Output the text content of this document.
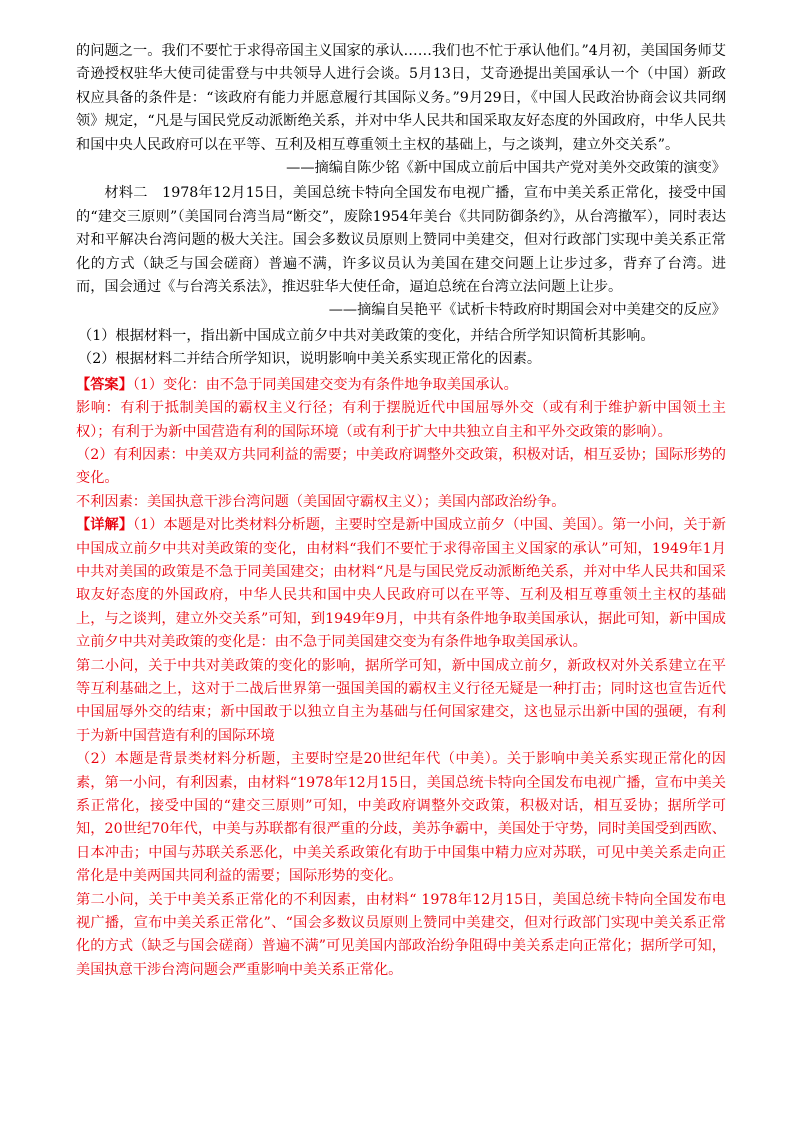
的问题之一。我们不要忙于求得帝国主义国家的承认……我们也不忙于承认他们。”4月初，美国国务师艾奇逊授权驻华大使司徒雷登与中共领导人进行会谈。5月13日，艾奇逊提出美国承认一个（中国）新政权应具备的条件是：“该政府有能力并愿意履行其国际义务。”9月29日，《中国人民政治协商会议共同纲领》规定，“凡是与国民党反动派断绝关系，并对中华人民共和国采取友好态度的外国政府，中华人民共和国中央人民政府可以在平等、互利及相互尊重领土主权的基础上，与之谈判，建立外交关系”。

——摘编自陈少铭《新中国成立前后中国共产党对美外交政策的演变》

材料二　1978年12月15日，美国总统卡特向全国发布电视广播，宣布中美关系正常化，接受中国的“建交三原则”（美国同台湾当局“断交”，废除1954年美台《共同防御条约》，从台湾撤军），同时表达对和平解决台湾问题的极大关注。国会多数议员原则上赞同中美建交，但对行政部门实现中美关系正常化的方式（缺乏与国会磋商）普遍不满，许多议员认为美国在建交问题上让步过多，背弃了台湾。进而，国会通过《与台湾关系法》，推迟驻华大使任命，逼迫总统在台湾立法问题上让步。

——摘编自吴艳平《试析卡特政府时期国会对中美建交的反应》

（1）根据材料一，指出新中国成立前夕中共对美政策的变化，并结合所学知识简析其影响。

（2）根据材料二并结合所学知识，说明影响中美关系实现正常化的因素。

【答案】（1）变化：由不急于同美国建交变为有条件地争取美国承认。

影响：有利于抵制美国的霸权主义行径；有利于摆脱近代中国屈辱外交（或有利于维护新中国领土主权）；有利于为新中国营造有利的国际环境（或有利于扩大中共独立自主和平外交政策的影响）。

（2）有利因素：中美双方共同利益的需要；中美政府调整外交政策，积极对话，相互妥协；国际形势的变化。

不利因素：美国执意干涉台湾问题（美国固守霸权主义）；美国内部政治纷争。

【详解】（1）本题是对比类材料分析题，主要时空是新中国成立前夕（中国、美国）。第一小问，关于新中国成立前夕中共对美政策的变化，由材料“我们不要忙于求得帝国主义国家的承认”可知，1949年1月中共对美国的政策是不急于同美国建交；由材料“凡是与国民党反动派断绝关系，并对中华人民共和国采取友好态度的外国政府，中华人民共和国中央人民政府可以在平等、互利及相互尊重领土主权的基础上，与之谈判，建立外交关系”可知，到1949年9月，中共有条件地争取美国承认，据此可知，新中国成立前夕中共对美政策的变化是：由不急于同美国建交变为有条件地争取美国承认。

第二小问，关于中共对美政策的变化的影响，据所学可知，新中国成立前夕，新政权对外关系建立在平等互利基础之上，这对于二战后世界第一强国美国的霸权主义行径无疑是一种打击；同时这也宣告近代中国屈辱外交的结束；新中国敢于以独立自主为基础与任何国家建交，这也显示出新中国的强硬，有利于为新中国营造有利的国际环境

（2）本题是背景类材料分析题，主要时空是20世纪年代（中美）。关于影响中美关系实现正常化的因素，第一小问，有利因素，由材料“1978年12月15日，美国总统卡特向全国发布电视广播，宣布中美关系正常化，接受中国的“建交三原则”可知，中美政府调整外交政策，积极对话，相互妥协；据所学可知，20世纪70年代，中美与苏联都有很严重的分歧，美苏争霸中，美国处于守势，同时美国受到西欧、日本冲击；中国与苏联关系恶化，中美关系政策化有助于中国集中精力应对苏联，可见中美关系走向正常化是中美两国共同利益的需要；国际形势的变化。

第二小问，关于中美关系正常化的不利因素，由材料“ 1978年12月15日，美国总统卡特向全国发布电视广播，宣布中美关系正常化”、“国会多数议员原则上赞同中美建交，但对行政部门实现中美关系正常化的方式（缺乏与国会磋商）普遍不满”可见美国内部政治纷争阻碍中美关系走向正常化；据所学可知，美国执意干涉台湾问题会严重影响中美关系正常化。
